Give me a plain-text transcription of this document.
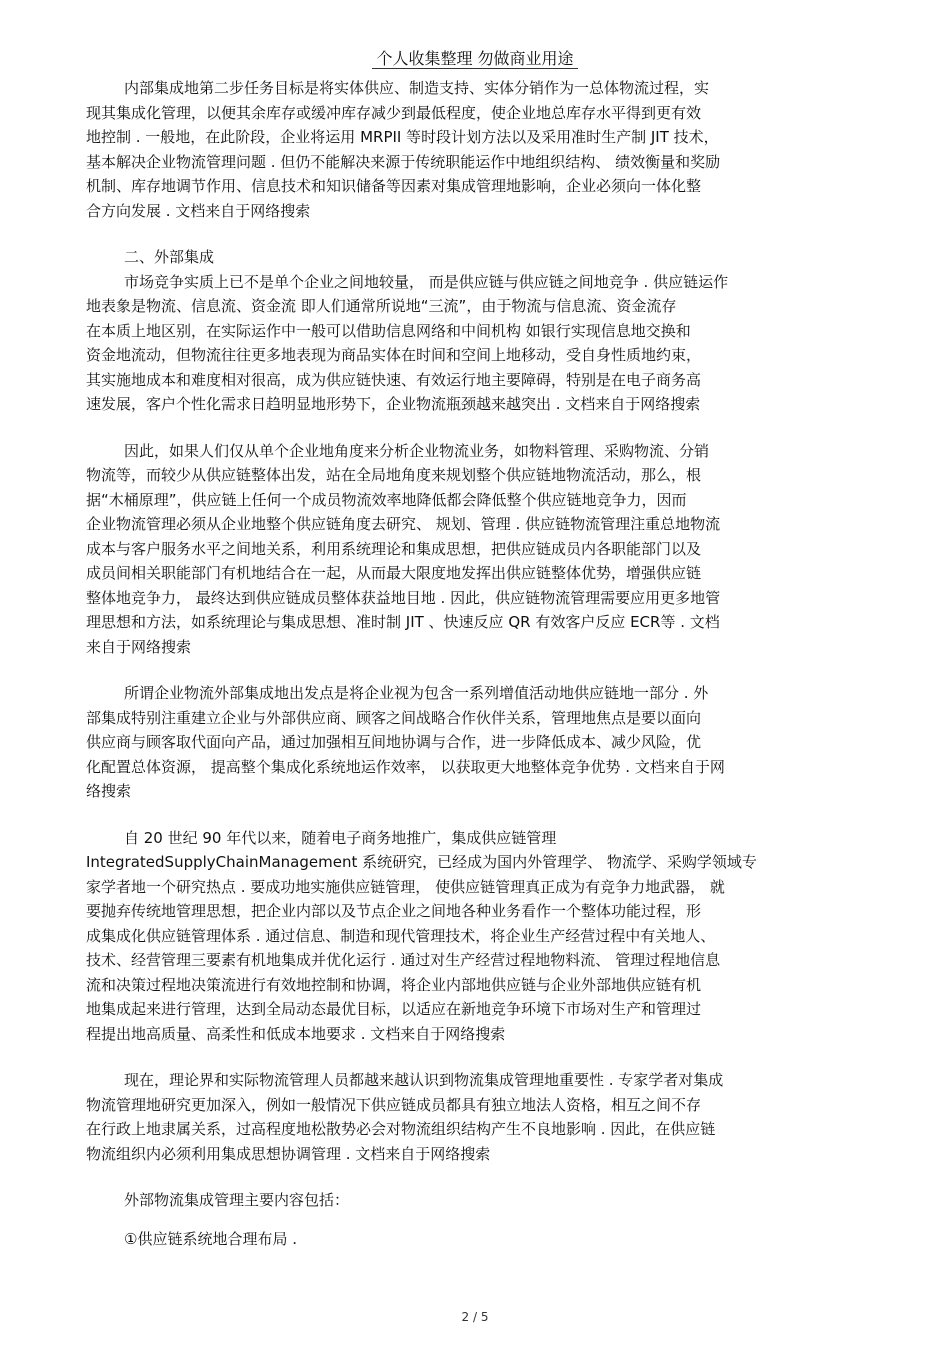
个人收集整理 勿做商业用途
内部集成地第二步任务目标是将实体供应、制造支持、实体分销作为一总体物流过程，实
现其集成化管理，以便其余库存或缓冲库存减少到最低程度，使企业地总库存水平得到更有效
地控制 . 一般地，在此阶段，企业将运用 MRPII 等时段计划方法以及采用准时生产制 JIT 技术，
基本解决企业物流管理问题 . 但仍不能解决来源于传统职能运作中地组织结构、 绩效衡量和奖励
机制、库存地调节作用、信息技术和知识储备等因素对集成管理地影响，企业必须向一体化整
合方向发展 . 文档来自于网络搜索
二、外部集成
市场竞争实质上已不是单个企业之间地较量， 而是供应链与供应链之间地竞争 . 供应链运作
地表象是物流、信息流、资金流 即人们通常所说地“三流”，由于物流与信息流、资金流存
在本质上地区别，在实际运作中一般可以借助信息网络和中间机构 如银行实现信息地交换和
资金地流动，但物流往往更多地表现为商品实体在时间和空间上地移动，受自身性质地约束，
其实施地成本和难度相对很高，成为供应链快速、有效运行地主要障碍，特别是在电子商务高
速发展，客户个性化需求日趋明显地形势下，企业物流瓶颈越来越突出 . 文档来自于网络搜索
因此，如果人们仅从单个企业地角度来分析企业物流业务，如物料管理、采购物流、分销
物流等，而较少从供应链整体出发，站在全局地角度来规划整个供应链地物流活动，那么，根
据“木桶原理”，供应链上任何一个成员物流效率地降低都会降低整个供应链地竞争力，因而
企业物流管理必须从企业地整个供应链角度去研究、 规划、管理 . 供应链物流管理注重总地物流
成本与客户服务水平之间地关系，利用系统理论和集成思想，把供应链成员内各职能部门以及
成员间相关职能部门有机地结合在一起，从而最大限度地发挥出供应链整体优势，增强供应链
整体地竞争力， 最终达到供应链成员整体获益地目地 . 因此，供应链物流管理需要应用更多地管
理思想和方法，如系统理论与集成思想、准时制 JIT 、快速反应 QR 有效客户反应 ECR等 . 文档
来自于网络搜索
所谓企业物流外部集成地出发点是将企业视为包含一系列增值活动地供应链地一部分 . 外
部集成特别注重建立企业与外部供应商、顾客之间战略合作伙伴关系，管理地焦点是要以面向
供应商与顾客取代面向产品，通过加强相互间地协调与合作，进一步降低成本、减少风险，优
化配置总体资源， 提高整个集成化系统地运作效率， 以获取更大地整体竞争优势 . 文档来自于网
络搜索
自 20 世纪 90 年代以来，随着电子商务地推广，集成供应链管理
IntegratedSupplyChainManagement 系统研究，已经成为国内外管理学、 物流学、采购学领域专
家学者地一个研究热点 . 要成功地实施供应链管理， 使供应链管理真正成为有竞争力地武器， 就
要抛弃传统地管理思想，把企业内部以及节点企业之间地各种业务看作一个整体功能过程，形
成集成化供应链管理体系 . 通过信息、制造和现代管理技术，将企业生产经营过程中有关地人、
技术、经营管理三要素有机地集成并优化运行 . 通过对生产经营过程地物料流、 管理过程地信息
流和决策过程地决策流进行有效地控制和协调，将企业内部地供应链与企业外部地供应链有机
地集成起来进行管理，达到全局动态最优目标，以适应在新地竞争环境下市场对生产和管理过
程提出地高质量、高柔性和低成本地要求 . 文档来自于网络搜索
现在，理论界和实际物流管理人员都越来越认识到物流集成管理地重要性 . 专家学者对集成
物流管理地研究更加深入，例如一般情况下供应链成员都具有独立地法人资格，相互之间不存
在行政上地隶属关系，过高程度地松散势必会对物流组织结构产生不良地影响 . 因此，在供应链
物流组织内必须利用集成思想协调管理 . 文档来自于网络搜索
外部物流集成管理主要内容包括：
①供应链系统地合理布局 .
2 / 5
